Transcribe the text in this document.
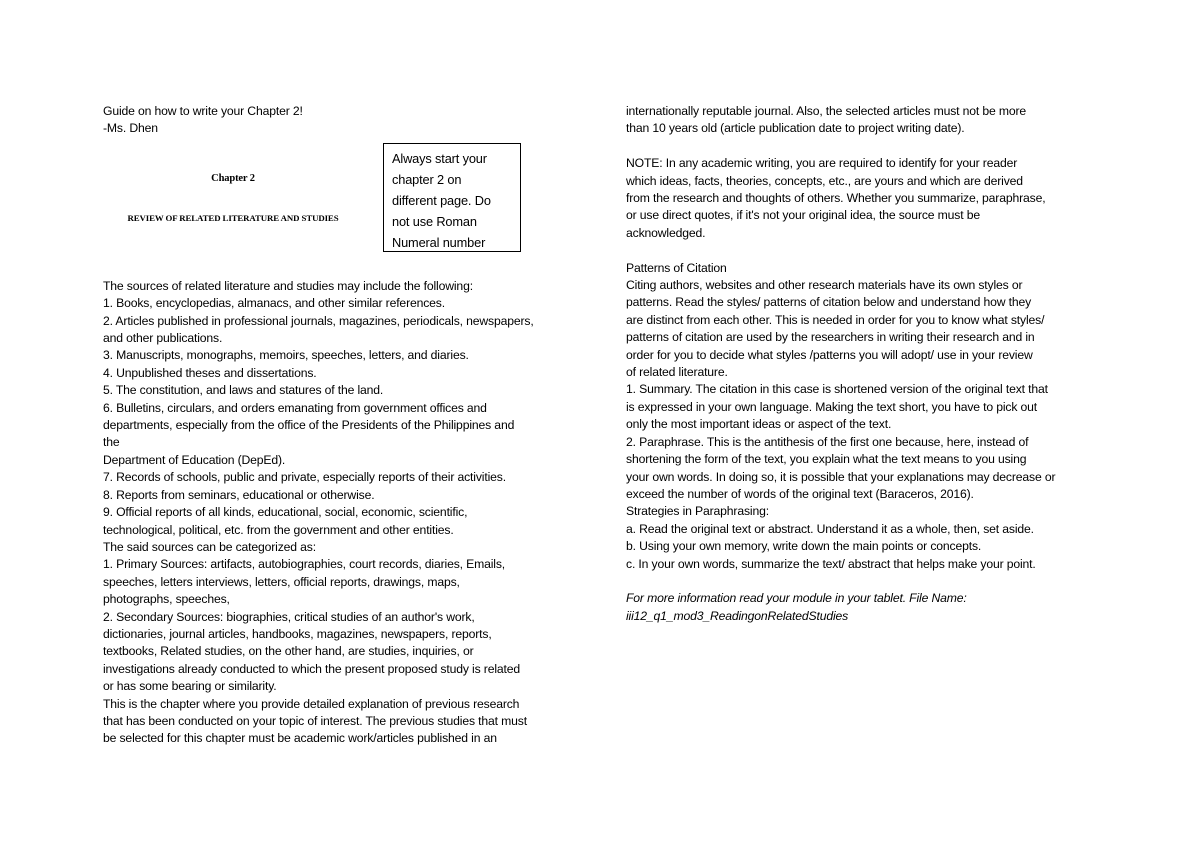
Guide on how to write your Chapter 2!
-Ms. Dhen
Chapter 2
REVIEW OF RELATED LITERATURE AND STUDIES
Always start your
chapter 2 on
different page. Do
not use Roman
Numeral number
The sources of related literature and studies may include the following:
1. Books, encyclopedias, almanacs, and other similar references.
2. Articles published in professional journals, magazines, periodicals, newspapers,
and other publications.
3. Manuscripts, monographs, memoirs, speeches, letters, and diaries.
4. Unpublished theses and dissertations.
5. The constitution, and laws and statures of the land.
6. Bulletins, circulars, and orders emanating from government offices and
departments, especially from the office of the Presidents of the Philippines and
the
Department of Education (DepEd).
7. Records of schools, public and private, especially reports of their activities.
8. Reports from seminars, educational or otherwise.
9. Official reports of all kinds, educational, social, economic, scientific,
technological, political, etc. from the government and other entities.
The said sources can be categorized as:
1. Primary Sources: artifacts, autobiographies, court records, diaries, Emails,
speeches, letters interviews, letters, official reports, drawings, maps,
photographs, speeches,
2. Secondary Sources: biographies, critical studies of an author's work,
dictionaries, journal articles, handbooks, magazines, newspapers, reports,
textbooks, Related studies, on the other hand, are studies, inquiries, or
investigations already conducted to which the present proposed study is related
or has some bearing or similarity.
This is the chapter where you provide detailed explanation of previous research
that has been conducted on your topic of interest. The previous studies that must
be selected for this chapter must be academic work/articles published in an
internationally reputable journal. Also, the selected articles must not be more
than 10 years old (article publication date to project writing date).
NOTE: In any academic writing, you are required to identify for your reader
which ideas, facts, theories, concepts, etc., are yours and which are derived
from the research and thoughts of others. Whether you summarize, paraphrase,
or use direct quotes, if it's not your original idea, the source must be
acknowledged.
Patterns of Citation
Citing authors, websites and other research materials have its own styles or
patterns. Read the styles/ patterns of citation below and understand how they
are distinct from each other. This is needed in order for you to know what styles/
patterns of citation are used by the researchers in writing their research and in
order for you to decide what styles /patterns you will adopt/ use in your review
of related literature.
1. Summary. The citation in this case is shortened version of the original text that
is expressed in your own language. Making the text short, you have to pick out
only the most important ideas or aspect of the text.
2. Paraphrase. This is the antithesis of the first one because, here, instead of
shortening the form of the text, you explain what the text means to you using
your own words. In doing so, it is possible that your explanations may decrease or
exceed the number of words of the original text (Baraceros, 2016).
Strategies in Paraphrasing:
a. Read the original text or abstract. Understand it as a whole, then, set aside.
b. Using your own memory, write down the main points or concepts.
c. In your own words, summarize the text/ abstract that helps make your point.
For more information read your module in your tablet. File Name:
iii12_q1_mod3_ReadingonRelatedStudies
